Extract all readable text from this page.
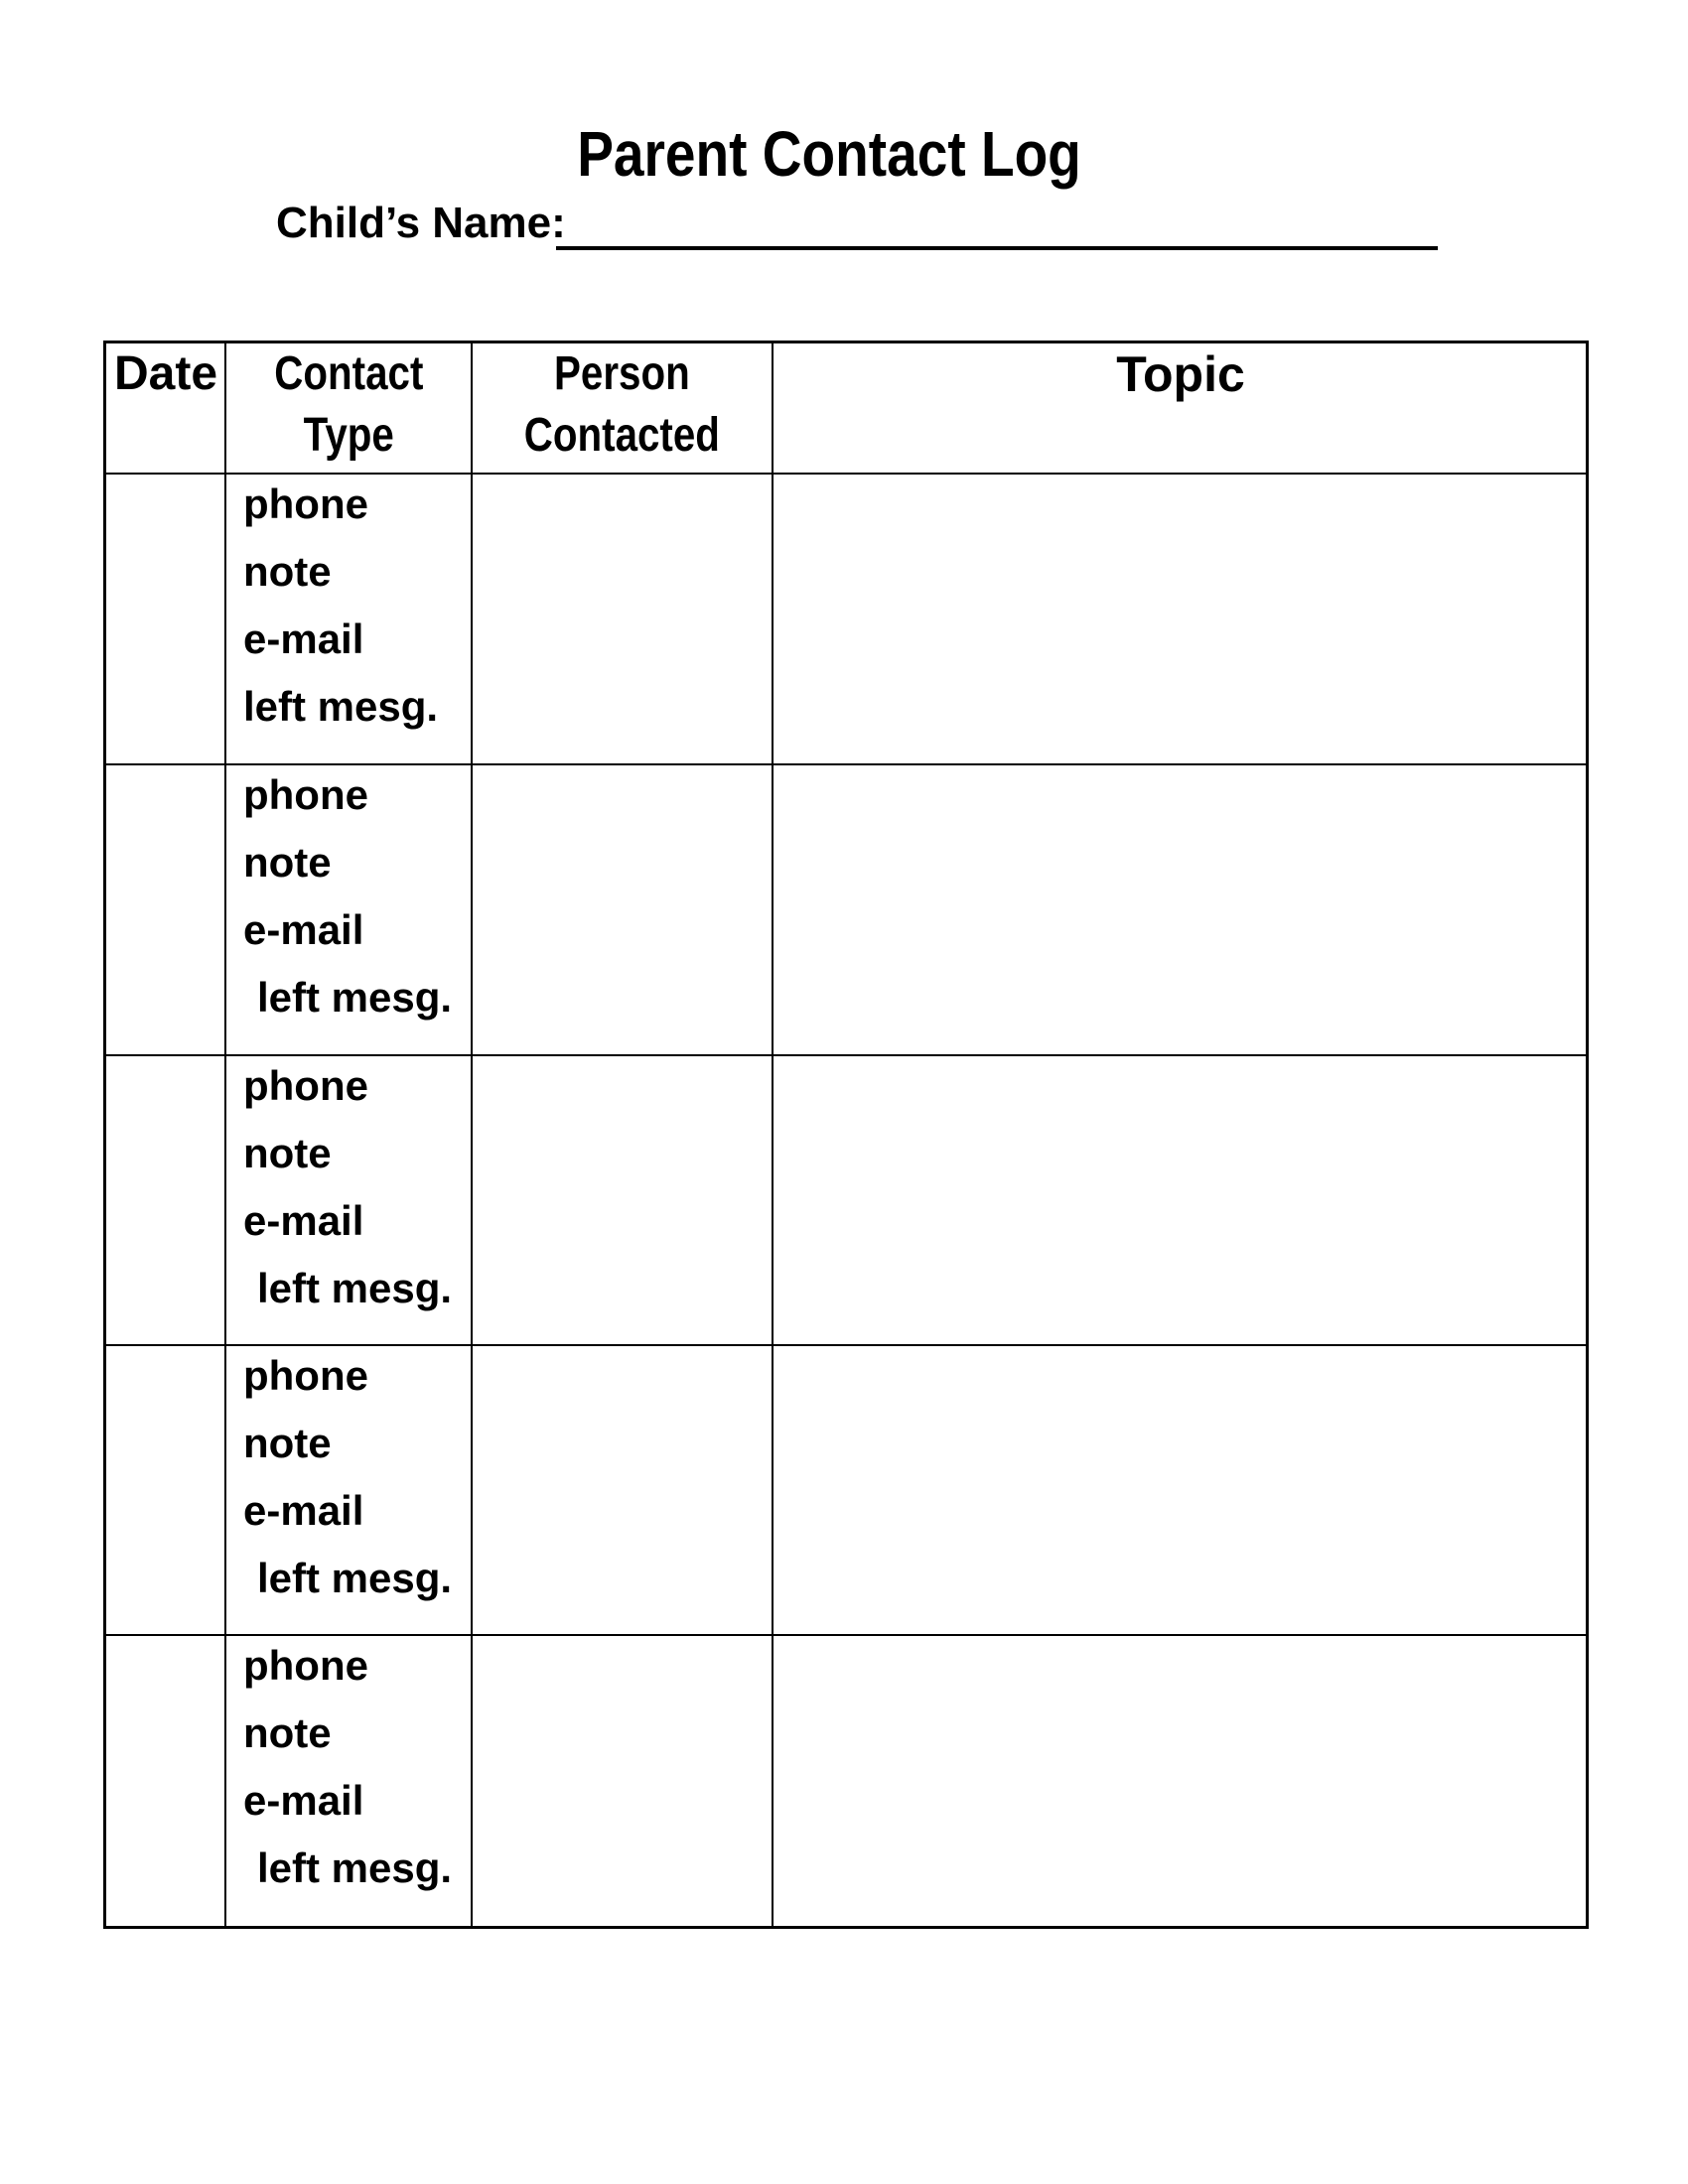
Parent Contact Log
Child’s Name:
Date	Contact
Type
Person
Contacted
Topic
phone
note
e-mail
left mesg.
phone
note
e-mail
left mesg.
phone
note
e-mail
left mesg.
phone
note
e-mail
left mesg.
phone
note
e-mail
left mesg.
